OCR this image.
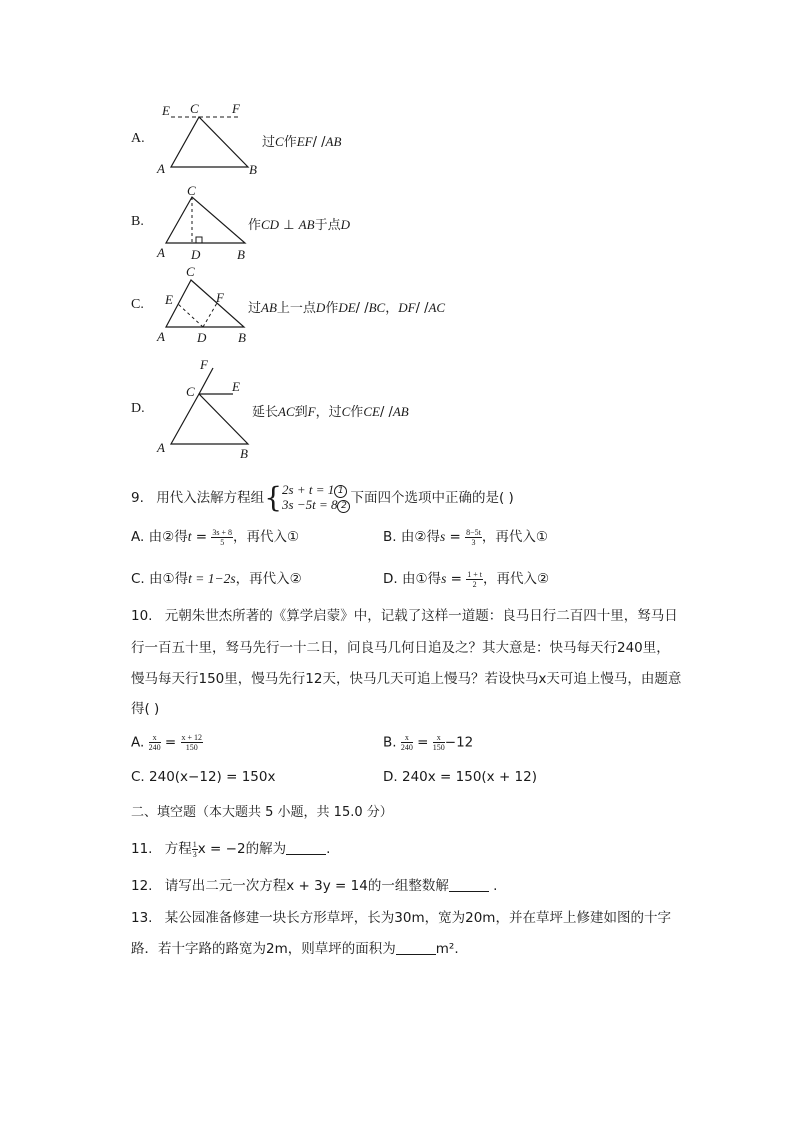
A.
E C	F
A	B
过C作EF/ /AB
B.
C
A D	B
作CD ⊥ AB于点D
C.
C
E	F
A D B
过AB上一点D作DE/ /BC，DF/ /AC
D.
F
C	E
A	B
延长AC到F，过C作CE/ /AB
9. 用代入法解方程组{ 2s + t = 1 1
3s −5t = 8 2 下面四个选项中正确的是( )
A. 由②得$t = \frac{3s + 8}{5}$ ，再代入①	B. 由②得$s = \frac{8-5t}{3}$ ，再代入①
C. 由①得t = 1−2s，再代入②	D. 由①得$s = \frac{1 + t}{2}$ ，再代入②
10. 元朝朱世杰所著的《算学启蒙》中，记载了这样一道题：良马日行二百四十里，驽马日
行一百五十里，驽马先行一十二日，问良马几何日追及之？其大意是：快马每天行240里，
慢马每天行150里，慢马先行12天，快马几天可追上慢马？若设快马x天可追上慢马，由题意
得( )
A. $\frac{x}{240} = \frac{x + 12}{150}$	B. $\frac{x}{240} = \frac{x}{150} -12$
C. 240(x−12) = 150x	D. 240x = 150(x + 12)
二、填空题（本大题共 5 小题，共 15.0 分）
11. 方程 $\frac{1}{3}$ x = −2的解为	.
12. 请写出二元一次方程x + 3y = 14的一组整数解	.
13. 某公园准备修建一块长方形草坪，长为30m，宽为20m，并在草坪上修建如图的十字
路．若十字路的路宽为2m，则草坪的面积为	m².
